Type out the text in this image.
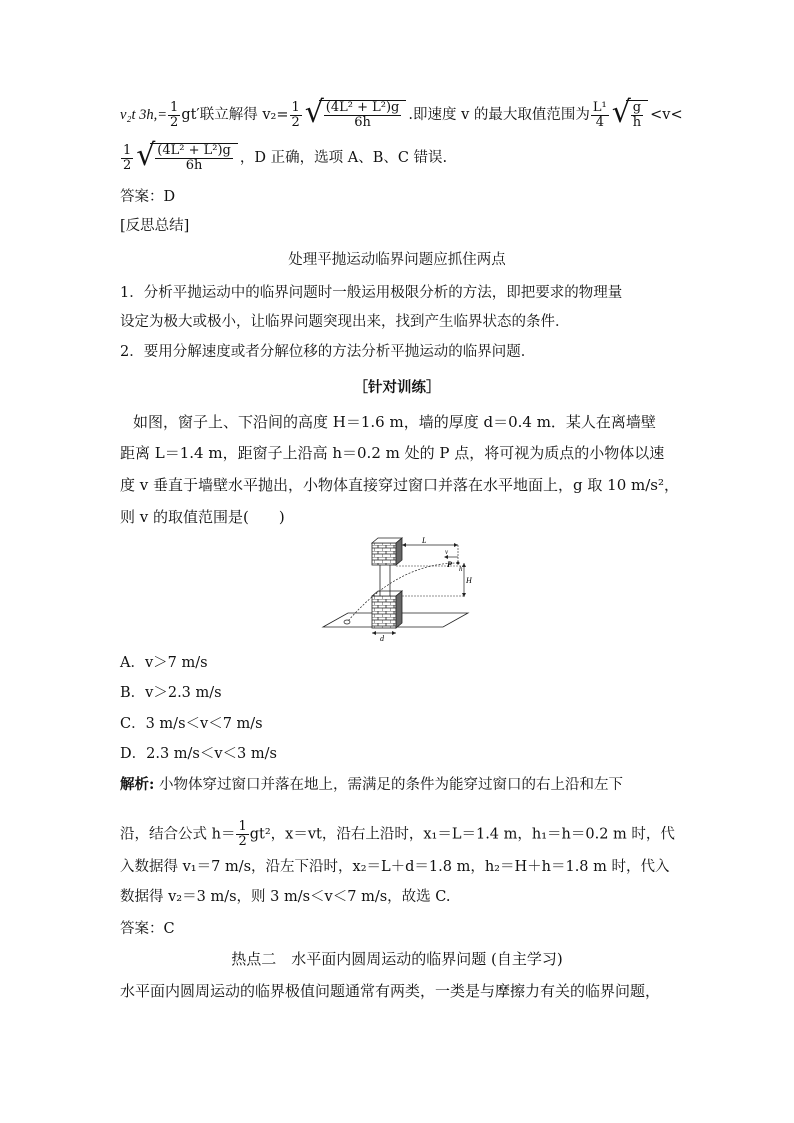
v₂t $3h,= \frac{1}{2} gt'$联立解得 $v_2= \frac{1}{2}$ √ $\frac{\text{(4L² + L²)g}}{6h}$ .即速度 v 的最大取值范围为 $\frac{\text{L¹}}{4}$ √ $\frac{g}{h} <v<$
$\frac{1}{2}$ √ $\frac{\text{(4L² + L²)g}}{6h}$ ，D 正确，选项 A、B、C 错误.
答案：D
[反思总结]
处理平抛运动临界问题应抓住两点
1．分析平抛运动中的临界问题时一般运用极限分析的方法，即把要求的物理量
设定为极大或极小，让临界问题突现出来，找到产生临界状态的条件．
2．要用分解速度或者分解位移的方法分析平抛运动的临界问题．
［针对训练］
如图，窗子上、下沿间的高度 H＝1.6 m，墙的厚度 d＝0.4 m．某人在离墙壁
距离 L＝1.4 m，距窗子上沿高 h＝0.2 m 处的 P 点，将可视为质点的小物体以速
度 v 垂直于墙壁水平抛出，小物体直接穿过窗口并落在水平地面上，g 取 10 m/s²，
则 v 的取值范围是(　　)
L
v
P h
H
d
A．v＞7 m/s
B．v＞2.3 m/s
C．3 m/s＜v＜7 m/s
D．2.3 m/s＜v＜3 m/s
解析: 小物体穿过窗口并落在地上，需满足的条件为能穿过窗口的右上沿和左下
沿，结合公式 $h= \frac{1}{2} gt^2$，x＝vt，沿右上沿时，x₁＝L＝1.4 m，h₁＝h＝0.2 m 时，代
入数据得 v₁＝7 m/s，沿左下沿时，x₂＝L＋d＝1.8 m，h₂＝H＋h＝1.8 m 时，代入
数据得 v₂＝3 m/s，则 3 m/s＜v＜7 m/s，故选 C.
答案：C
热点二　水平面内圆周运动的临界问题 (自主学习)
水平面内圆周运动的临界极值问题通常有两类，一类是与摩擦力有关的临界问题，
